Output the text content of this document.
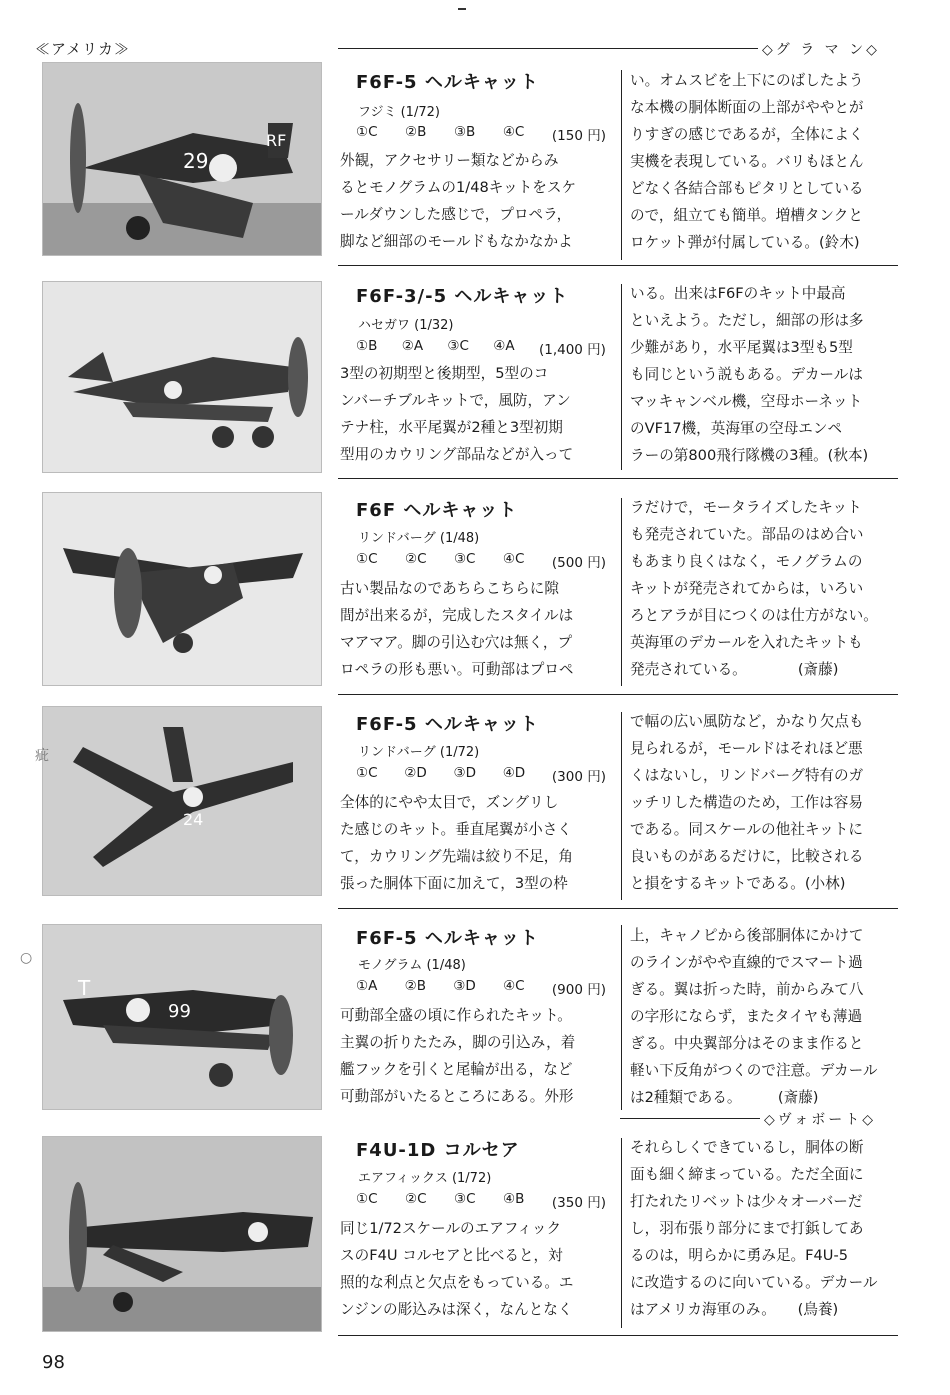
≪アメリカ≫	◇グ ラ マ ン◇
◇ヴォボート◇
29
RF
24
T
99
F6F-5 ヘルキャット
フジミ (1/72)
①C ②B ③B ④C (150 円)
外観，アクセサリー類などからみ
るとモノグラムの1/48キットをスケ
ールダウンした感じで，プロペラ，
脚など細部のモールドもなかなかよ
い。オムスビを上下にのばしたよう
な本機の胴体断面の上部がややとが
りすぎの感じであるが，全体によく
実機を表現している。バリもほとん
どなく各結合部もピタリとしている
ので，組立ても簡単。増槽タンクと
ロケット弾が付属している。(鈴木)
F6F-3/-5 ヘルキャット
ハセガワ (1/32)
①B ②A ③C ④A (1,400 円)
3型の初期型と後期型，5型のコ
ンバーチブルキットで，風防，アン
テナ柱，水平尾翼が2種と3型初期
型用のカウリング部品などが入って
いる。出来はF6Fのキット中最高
といえよう。ただし，細部の形は多
少難があり，水平尾翼は3型も5型
も同じという説もある。デカールは
マッキャンベル機，空母ホーネット
のVF17機，英海軍の空母エンペ
ラーの第800飛行隊機の3種。(秋本)
F6F ヘルキャット
リンドバーグ (1/48)
①C ②C ③C ④C (500 円)
古い製品なのであちらこちらに隙
間が出来るが，完成したスタイルは
マアマア。脚の引込む穴は無く，プ
ロペラの形も悪い。可動部はプロペ
ラだけで，モータライズしたキット
も発売されていた。部品のはめ合い
もあまり良くはなく，モノグラムの
キットが発売されてからは，いろい
ろとアラが目につくのは仕方がない。
英海軍のデカールを入れたキットも
発売されている。　　　　(斎藤)
F6F-5 ヘルキャット
リンドバーグ (1/72)
①C ②D ③D ④D (300 円)
全体的にやや太目で，ズングリし
た感じのキット。垂直尾翼が小さく
て，カウリング先端は絞り不足，角
張った胴体下面に加えて，3型の枠
で幅の広い風防など，かなり欠点も
見られるが，モールドはそれほど悪
くはないし，リンドバーグ特有のガ
ッチリした構造のため，工作は容易
である。同スケールの他社キットに
良いものがあるだけに，比較される
と損をするキットである。(小林)
F6F-5 ヘルキャット
モノグラム (1/48)
①A ②B ③D ④C (900 円)
可動部全盛の頃に作られたキット。
主翼の折りたたみ，脚の引込み，着
艦フックを引くと尾輪が出る，など
可動部がいたるところにある。外形
上，キャノピから後部胴体にかけて
のラインがやや直線的でスマート過
ぎる。翼は折った時，前からみて八
の字形にならず，またタイヤも薄過
ぎる。中央翼部分はそのまま作ると
軽い下反角がつくので注意。デカール
は2種類である。　　　(斎藤)
F4U-1D コルセア
エアフィックス (1/72)
①C ②C ③C ④B (350 円)
同じ1/72スケールのエアフィック
スのF4U コルセアと比べると，対
照的な利点と欠点をもっている。エ
ンジンの彫込みは深く，なんとなく
それらしくできているし，胴体の断
面も細く締まっている。ただ全面に
打たれたリベットは少々オーバーだ
し，羽布張り部分にまで打鋲してあ
るのは，明らかに勇み足。F4U-5
に改造するのに向いている。デカール
はアメリカ海軍のみ。　　(鳥養)
疵
○
98
